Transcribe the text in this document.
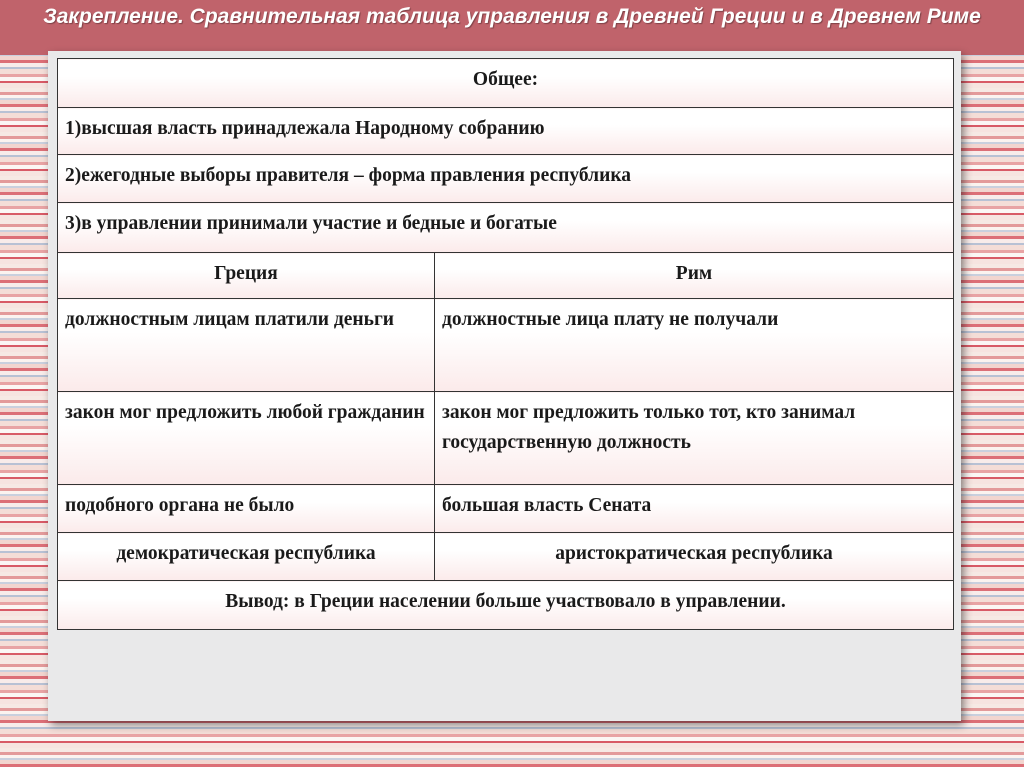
Закрепление. Сравнительная таблица управления в Древней Греции и в Древнем Риме
Общее:	
1)высшая власть принадлежала Народному собранию	
2)ежегодные выборы правителя – форма правления республика	
3)в управлении принимали участие и бедные и богатые	
Греция	Рим
должностным лицам платили деньги	должностные лица плату не получали
закон мог предложить любой гражданин	закон мог предложить только тот, кто занимал государственную должность
подобного органа не было	большая власть Сената
демократическая республика	аристократическая республика
Вывод: в Греции населении больше участвовало в управлении.	
